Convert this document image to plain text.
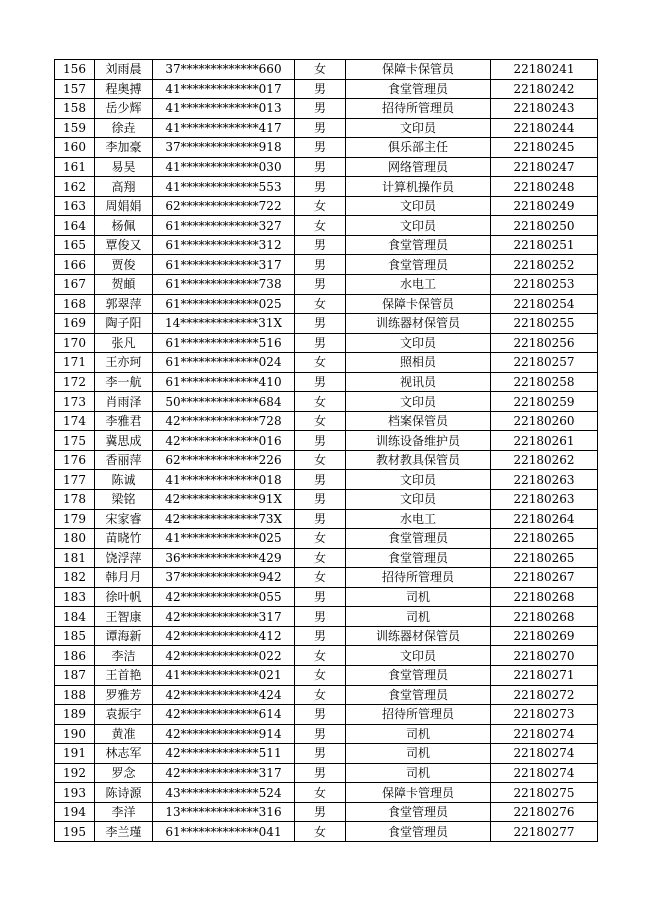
156	刘雨晨	37*************660	女	保障卡保管员	22180241
157	程奥搏	41*************017	男	食堂管理员	22180242
158	岳少辉	41*************013	男	招待所管理员	22180243
159	徐垚	41*************417	男	文印员	22180244
160	李加豪	37*************918	男	俱乐部主任	22180245
161	易昊	41*************030	男	网络管理员	22180247
162	高翔	41*************553	男	计算机操作员	22180248
163	周娟娟	62*************722	女	文印员	22180249
164	杨佩	61*************327	女	文印员	22180250
165	覃俊又	61*************312	男	食堂管理员	22180251
166	贾俊	61*************317	男	食堂管理员	22180252
167	贺頔	61*************738	男	水电工	22180253
168	郭翠萍	61*************025	女	保障卡保管员	22180254
169	陶子阳	14*************31X	男	训练器材保管员	22180255
170	张凡	61*************516	男	文印员	22180256
171	王亦珂	61*************024	女	照相员	22180257
172	李一航	61*************410	男	视讯员	22180258
173	肖雨泽	50*************684	女	文印员	22180259
174	李雅君	42*************728	女	档案保管员	22180260
175	冀思成	42*************016	男	训练设备维护员	22180261
176	香丽萍	62*************226	女	教材教具保管员	22180262
177	陈诚	41*************018	男	文印员	22180263
178	梁铭	42*************91X	男	文印员	22180263
179	宋家睿	42*************73X	男	水电工	22180264
180	苗晓竹	41*************025	女	食堂管理员	22180265
181	饶浮萍	36*************429	女	食堂管理员	22180265
182	韩月月	37*************942	女	招待所管理员	22180267
183	徐叶帆	42*************055	男	司机	22180268
184	王智康	42*************317	男	司机	22180268
185	谭海新	42*************412	男	训练器材保管员	22180269
186	李洁	42*************022	女	文印员	22180270
187	王首艳	41*************021	女	食堂管理员	22180271
188	罗雅芳	42*************424	女	食堂管理员	22180272
189	袁振宇	42*************614	男	招待所管理员	22180273
190	黄准	42*************914	男	司机	22180274
191	林志军	42*************511	男	司机	22180274
192	罗念	42*************317	男	司机	22180274
193	陈诗源	43*************524	女	保障卡管理员	22180275
194	李洋	13*************316	男	食堂管理员	22180276
195	李兰瑾	61*************041	女	食堂管理员	22180277
